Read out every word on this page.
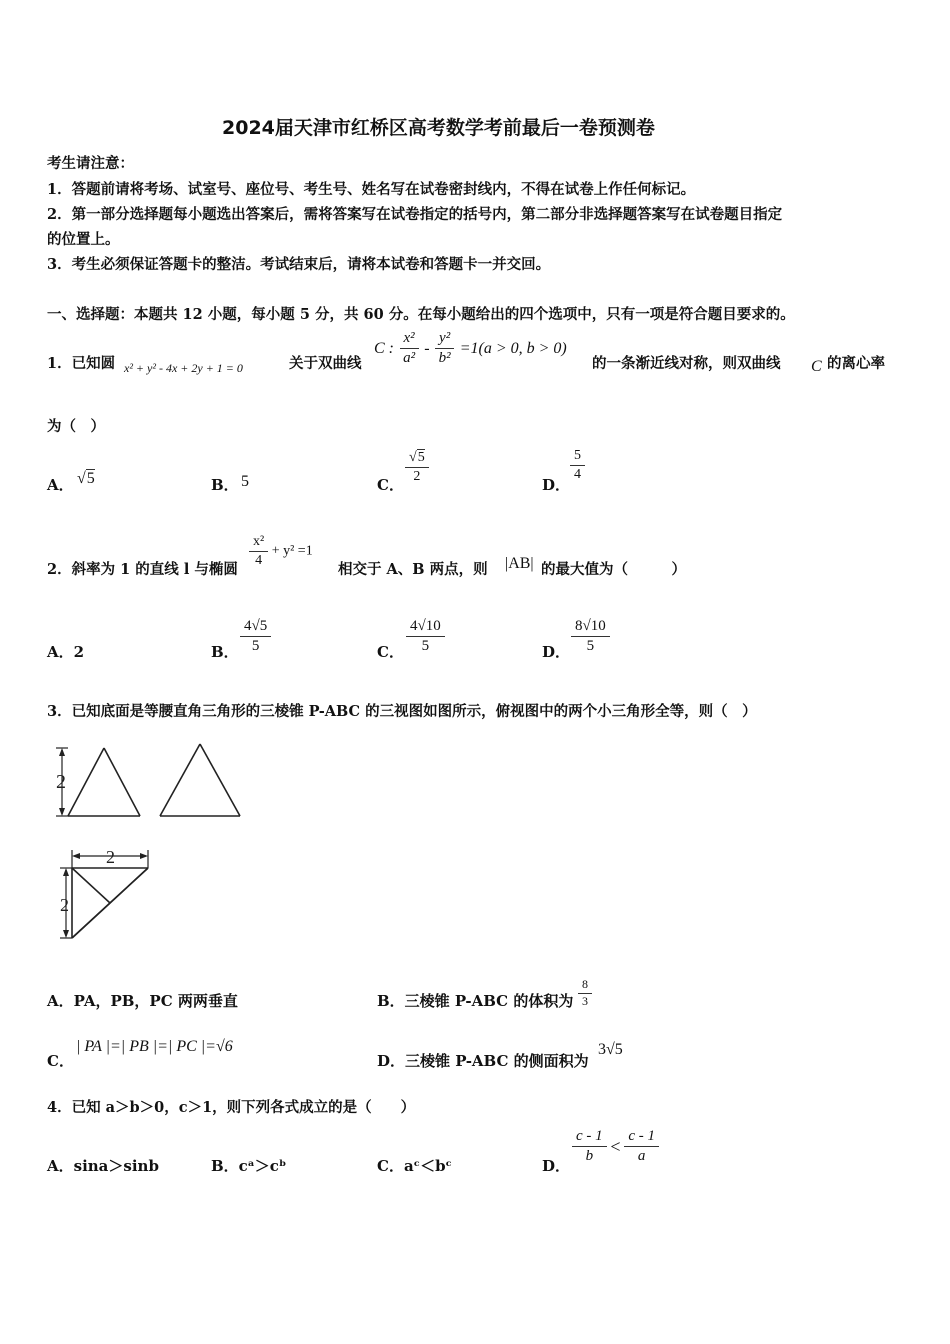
2024届天津市红桥区高考数学考前最后一卷预测卷
考生请注意：
1．答题前请将考场、试室号、座位号、考生号、姓名写在试卷密封线内，不得在试卷上作任何标记。
2．第一部分选择题每小题选出答案后，需将答案写在试卷指定的括号内，第二部分非选择题答案写在试卷题目指定
的位置上。
3．考生必须保证答题卡的整洁。考试结束后，请将本试卷和答题卡一并交回。
一、选择题：本题共 12 小题，每小题 5 分，共 60 分。在每小题给出的四个选项中，只有一项是符合题目要求的。
1．已知圆 x² + y² - 4x + 2y + 1 = 0	关于双曲线
C : $\frac{\text{x²}}{\text{a²}} - \frac{\text{y²}}{\text{b²}} =1(a > 0$, b > 0)
的一条渐近线对称，则双曲线 C 的离心率
为（　）
A． √5	B． 5	C． $\frac{√5}{2}$	D．
$\frac{5}{4}$
2．斜率为 1 的直线 l 与椭圆
$\frac{\text{x²}}{4} + y^2 =1$
相交于 A、B 两点，则 |AB| 的最大值为（　　　）
A．2	B． $\frac{4√5}{5}$	C． $\frac{4√10}{5}$	D． $\frac{8√10}{5}$
3．已知底面是等腰直角三角形的三棱锥 P-ABC 的三视图如图所示，俯视图中的两个小三角形全等，则（　）
2
2
2
A．PA，PB，PC 两两垂直	B．三棱锥 P-ABC 的体积为 $\frac{8}{3}$
C．
| PA |=| PB |=| PC |=√6
D．三棱锥 P-ABC 的侧面积为
3√5
4．已知 a＞b＞0，c＞1，则下列各式成立的是（　　）
A．sina＞sinb	B．cᵃ＞cᵇ	C．aᶜ＜bᶜ	D．
$\frac{c - 1}{b} < \frac{c - 1}{a}$
